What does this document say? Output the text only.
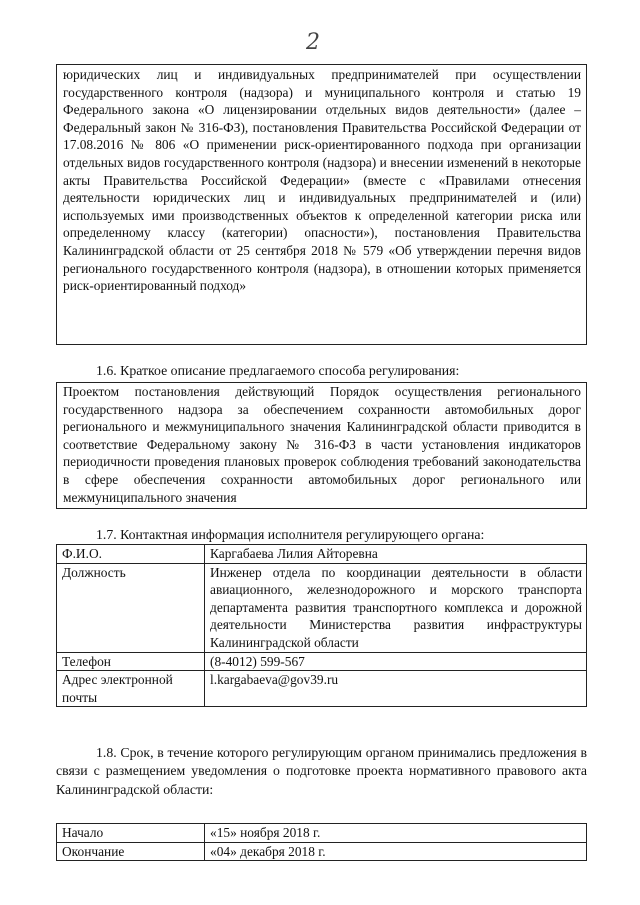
2

юридических лиц и индивидуальных предпринимателей при осуществлении государственного контроля (надзора) и муниципального контроля и статью 19 Федерального закона «О лицензировании отдельных видов деятельности» (далее – Федеральный закон № 316-ФЗ), постановления Правительства Российской Федерации от 17.08.2016 № 806 «О применении риск-ориентированного подхода при организации отдельных видов государственного контроля (надзора) и внесении изменений в некоторые акты Правительства Российской Федерации» (вместе с «Правилами отнесения деятельности юридических лиц и индивидуальных предпринимателей и (или) используемых ими производственных объектов к определенной категории риска или определенному классу (категории) опасности»), постановления Правительства Калининградской области от 25 сентября 2018 № 579 «Об утверждении перечня видов регионального государственного контроля (надзора), в отношении которых применяется риск-ориентированный подход»

1.6. Краткое описание предлагаемого способа регулирования:

Проектом постановления действующий Порядок осуществления регионального государственного надзора за обеспечением сохранности автомобильных дорог регионального и межмуниципального значения Калининградской области приводится в соответствие Федеральному закону № 316-ФЗ в части установления индикаторов периодичности проведения плановых проверок соблюдения требований законодательства в сфере обеспечения сохранности автомобильных дорог регионального или межмуниципального значения

1.7. Контактная информация исполнителя регулирующего органа:
Ф.И.О.	Каргабаева Лилия Айторевна
Должность	Инженер отдела по координации деятельности в области авиационного, железнодорожного и морского транспорта департамента развития транспортного комплекса и дорожной деятельности Министерства развития инфраструктуры Калининградской области
Телефон	(8-4012) 599-567
Адрес электронной почты	l.kargabaeva@gov39.ru
1.8. Срок, в течение которого регулирующим органом принимались предложения в связи с размещением уведомления о подготовке проекта нормативного правового акта Калининградской области:
Начало	«15» ноября 2018 г.
Окончание	«04» декабря 2018 г.
